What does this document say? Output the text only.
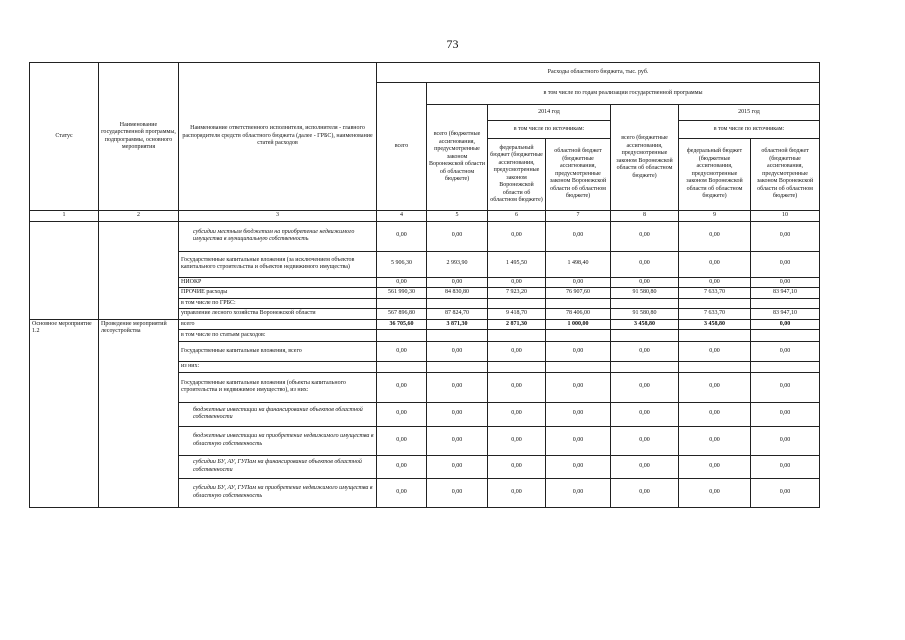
73
Статус	Наименование государственной программы, подпрограммы, основного мероприятия	Наименование ответственного исполнителя, исполнителя - главного распорядителя средств областного бюджета (далее - ГРБС), наименование статей расходов	Расходы областного бюджета, тыс. руб.						
			всего	в том числе по годам реализации государственной программы					
				всего (бюджетные ассигнования, предусмотренные законом Воронежской области об областном бюджете)	2014 год		всего (бюджетные ассигнования, предусмотренные законом Воронежской области об областном бюджете)	2015 год	
					в том числе по источникам:			в том числе по источникам:	
					федеральный бюджет (бюджетные ассигнования, предусмотренные законом Воронежской области об областном бюджете)	областной бюджет (бюджетные ассигнования, предусмотренные законом Воронежской области об областном бюджете)		федеральный бюджет (бюджетные ассигнования, предусмотренные законом Воронежской области об областном бюджете)	областной бюджет (бюджетные ассигнования, предусмотренные законом Воронежской области об областном бюджете)
1	2	3	4	5	6	7	8	9	10
		субсидии местным бюджетам на приобретение недвижимого имущества в муниципальную собственность	0,00	0,00	0,00	0,00	0,00	0,00	0,00
		Государственные капитальные вложения (за исключением объектов капитального строительства и объектов недвижимого имущества)	5 906,30	2 993,90	1 495,50	1 498,40	0,00	0,00	0,00
		НИОКР	0,00	0,00	0,00	0,00	0,00	0,00	0,00
		ПРОЧИЕ расходы	561 990,30	84 830,80	7 923,20	76 907,60	91 580,80	7 633,70	83 947,10
		в том числе по ГРБС:							
		управление лесного хозяйства Воронежской области	567 896,80	87 824,70	9 418,70	78 406,00	91 580,80	7 633,70	83 947,10
Основное мероприятие 1.2	Проведение мероприятий лесоустройства	всего	36 705,60	3 871,30	2 871,30	1 000,00	3 458,80	3 458,80	0,00
		в том числе по статьям расходов:							
		Государственные капитальные вложения, всего	0,00	0,00	0,00	0,00	0,00	0,00	0,00
		из них:							
		Государственные капитальные вложения (объекты капитального строительства и недвижимое имущество), из них:	0,00	0,00	0,00	0,00	0,00	0,00	0,00
		бюджетные инвестиции на финансирование объектов областной собственности	0,00	0,00	0,00	0,00	0,00	0,00	0,00
		бюджетные инвестиции на приобретение недвижимого имущества в областную собственность	0,00	0,00	0,00	0,00	0,00	0,00	0,00
		субсидии БУ, АУ, ГУПам на финансирование объектов областной собственности	0,00	0,00	0,00	0,00	0,00	0,00	0,00
		субсидии БУ, АУ, ГУПам на приобретение недвижимого имущества в областную собственность	0,00	0,00	0,00	0,00	0,00	0,00	0,00
